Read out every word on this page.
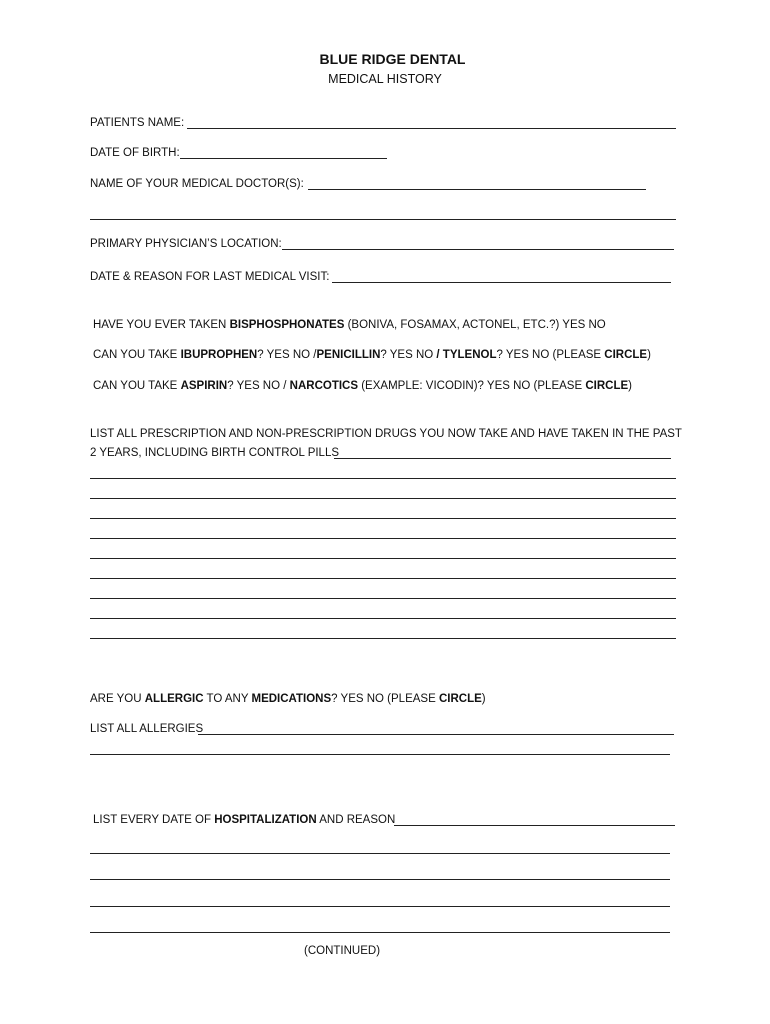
BLUE RIDGE DENTAL
MEDICAL HISTORY
PATIENTS NAME:
DATE OF BIRTH:
NAME OF YOUR MEDICAL DOCTOR(S):
PRIMARY PHYSICIAN’S LOCATION:
DATE & REASON FOR LAST MEDICAL VISIT:
HAVE YOU EVER TAKEN BISPHOSPHONATES (BONIVA, FOSAMAX, ACTONEL, ETC.?) YES NO
CAN YOU TAKE IBUPROPHEN? YES NO /PENICILLIN? YES NO / TYLENOL? YES NO (PLEASE CIRCLE)
CAN YOU TAKE ASPIRIN? YES NO / NARCOTICS (EXAMPLE: VICODIN)? YES NO (PLEASE CIRCLE)
LIST ALL PRESCRIPTION AND NON-PRESCRIPTION DRUGS YOU NOW TAKE AND HAVE TAKEN IN THE PAST
2 YEARS, INCLUDING BIRTH CONTROL PILLS
ARE YOU ALLERGIC TO ANY MEDICATIONS? YES NO (PLEASE CIRCLE)
LIST ALL ALLERGIES
LIST EVERY DATE OF HOSPITALIZATION AND REASON
(CONTINUED)
